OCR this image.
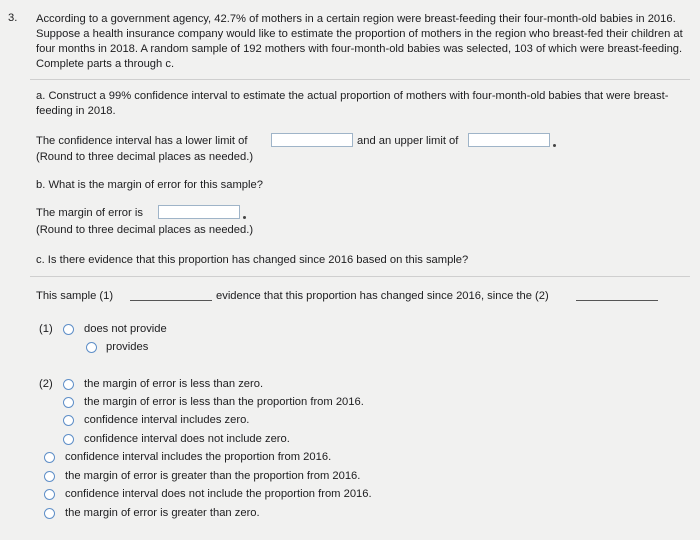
3. According to a government agency, 42.7% of mothers in a certain region were breast-feeding their four-month-old babies in 2016. Suppose a health insurance company would like to estimate the proportion of mothers in the region who breast-fed their children at four months in 2018. A random sample of 192 mothers with four-month-old babies was selected, 103 of which were breast-feeding. Complete parts a through c.
a. Construct a 99% confidence interval to estimate the actual proportion of mothers with four-month-old babies that were breast-feeding in 2018.
The confidence interval has a lower limit of	and an upper limit of
(Round to three decimal places as needed.)
b. What is the margin of error for this sample?
The margin of error is
(Round to three decimal places as needed.)
c. Is there evidence that this proportion has changed since 2016 based on this sample?
This sample (1)	evidence that this proportion has changed since 2016, since the (2)
(1)	does not provide
provides
(2)	the margin of error is less than zero.
the margin of error is less than the proportion from 2016.
confidence interval includes zero.
confidence interval does not include zero.
confidence interval includes the proportion from 2016.
the margin of error is greater than the proportion from 2016.
confidence interval does not include the proportion from 2016.
the margin of error is greater than zero.
